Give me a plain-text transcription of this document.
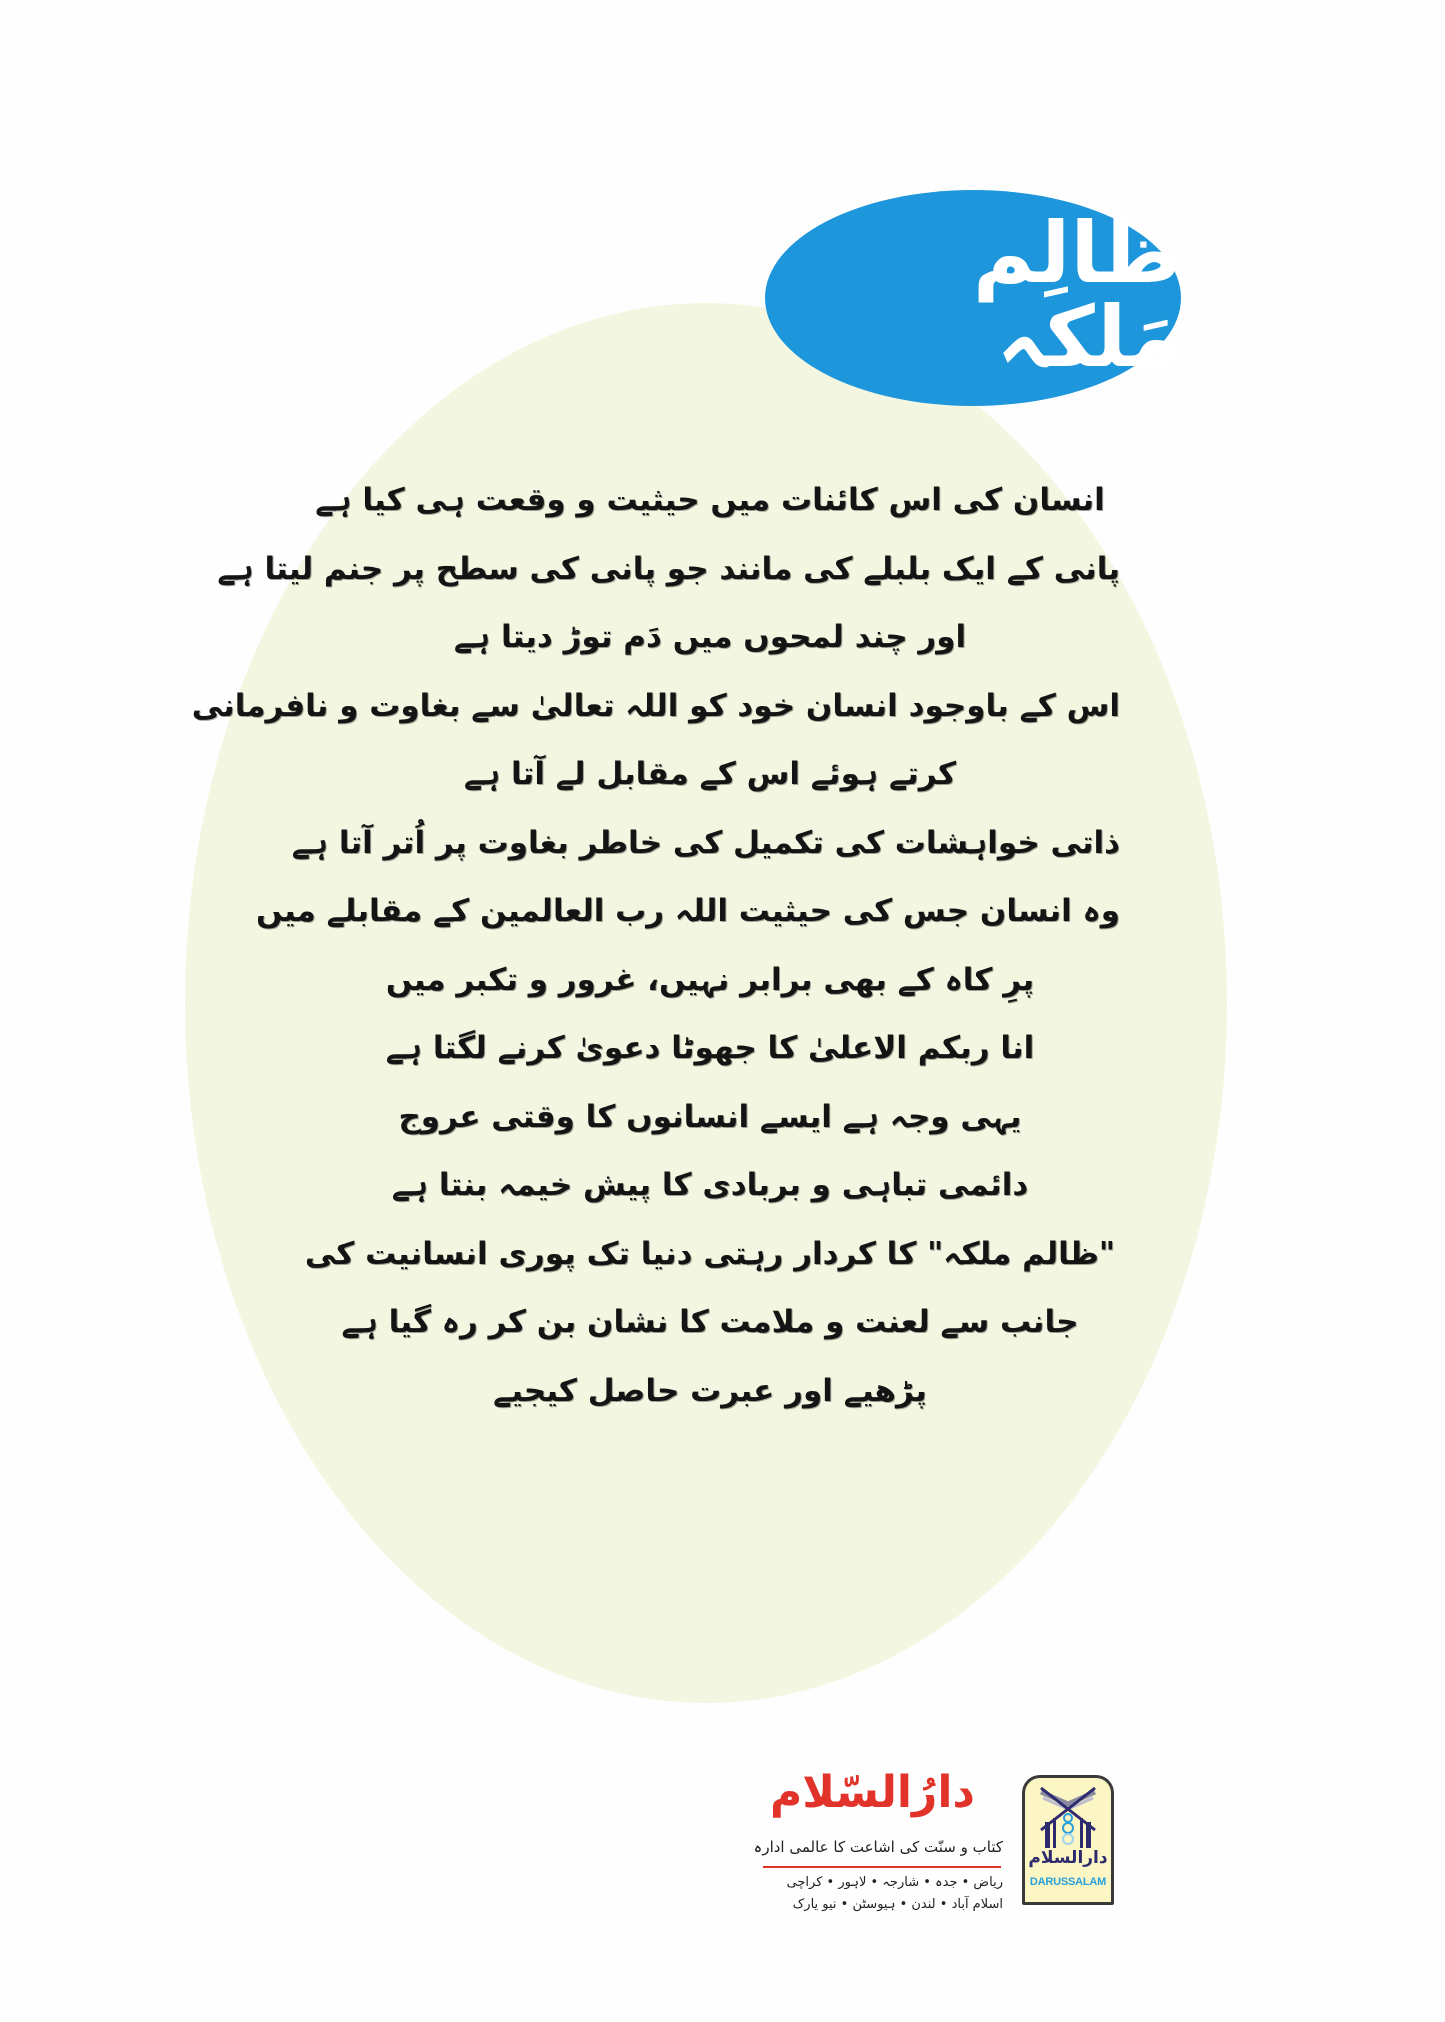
ظالِم مَلکہ
انسان کی اس کائنات میں حیثیت و وقعت ہی کیا ہے
پانی کے ایک بلبلے کی مانند جو پانی کی سطح پر جنم لیتا ہے
اور چند لمحوں میں دَم توڑ دیتا ہے
اس کے باوجود انسان خود کو اللہ تعالیٰ سے بغاوت و نافرمانی
کرتے ہوئے اس کے مقابل لے آتا ہے
ذاتی خواہشات کی تکمیل کی خاطر بغاوت پر اُتر آتا ہے
وہ انسان جس کی حیثیت اللہ رب العالمین کے مقابلے میں
پرِ کاہ کے بھی برابر نہیں، غرور و تکبر میں
انا ربکم الاعلیٰ کا جھوٹا دعویٰ کرنے لگتا ہے
یہی وجہ ہے ایسے انسانوں کا وقتی عروج
دائمی تباہی و بربادی کا پیش خیمہ بنتا ہے
"ظالم ملکہ" کا کردار رہتی دنیا تک پوری انسانیت کی
جانب سے لعنت و ملامت کا نشان بن کر رہ گیا ہے
پڑھیے اور عبرت حاصل کیجیے
دارُالسّلام
کتاب و سنّت کی اشاعت کا عالمی ادارہ
ریاض • جدہ • شارجہ • لاہور • کراچی
اسلام آباد • لندن • ہیوسٹن • نیو یارک
دارالسلام
DARUSSALAM
